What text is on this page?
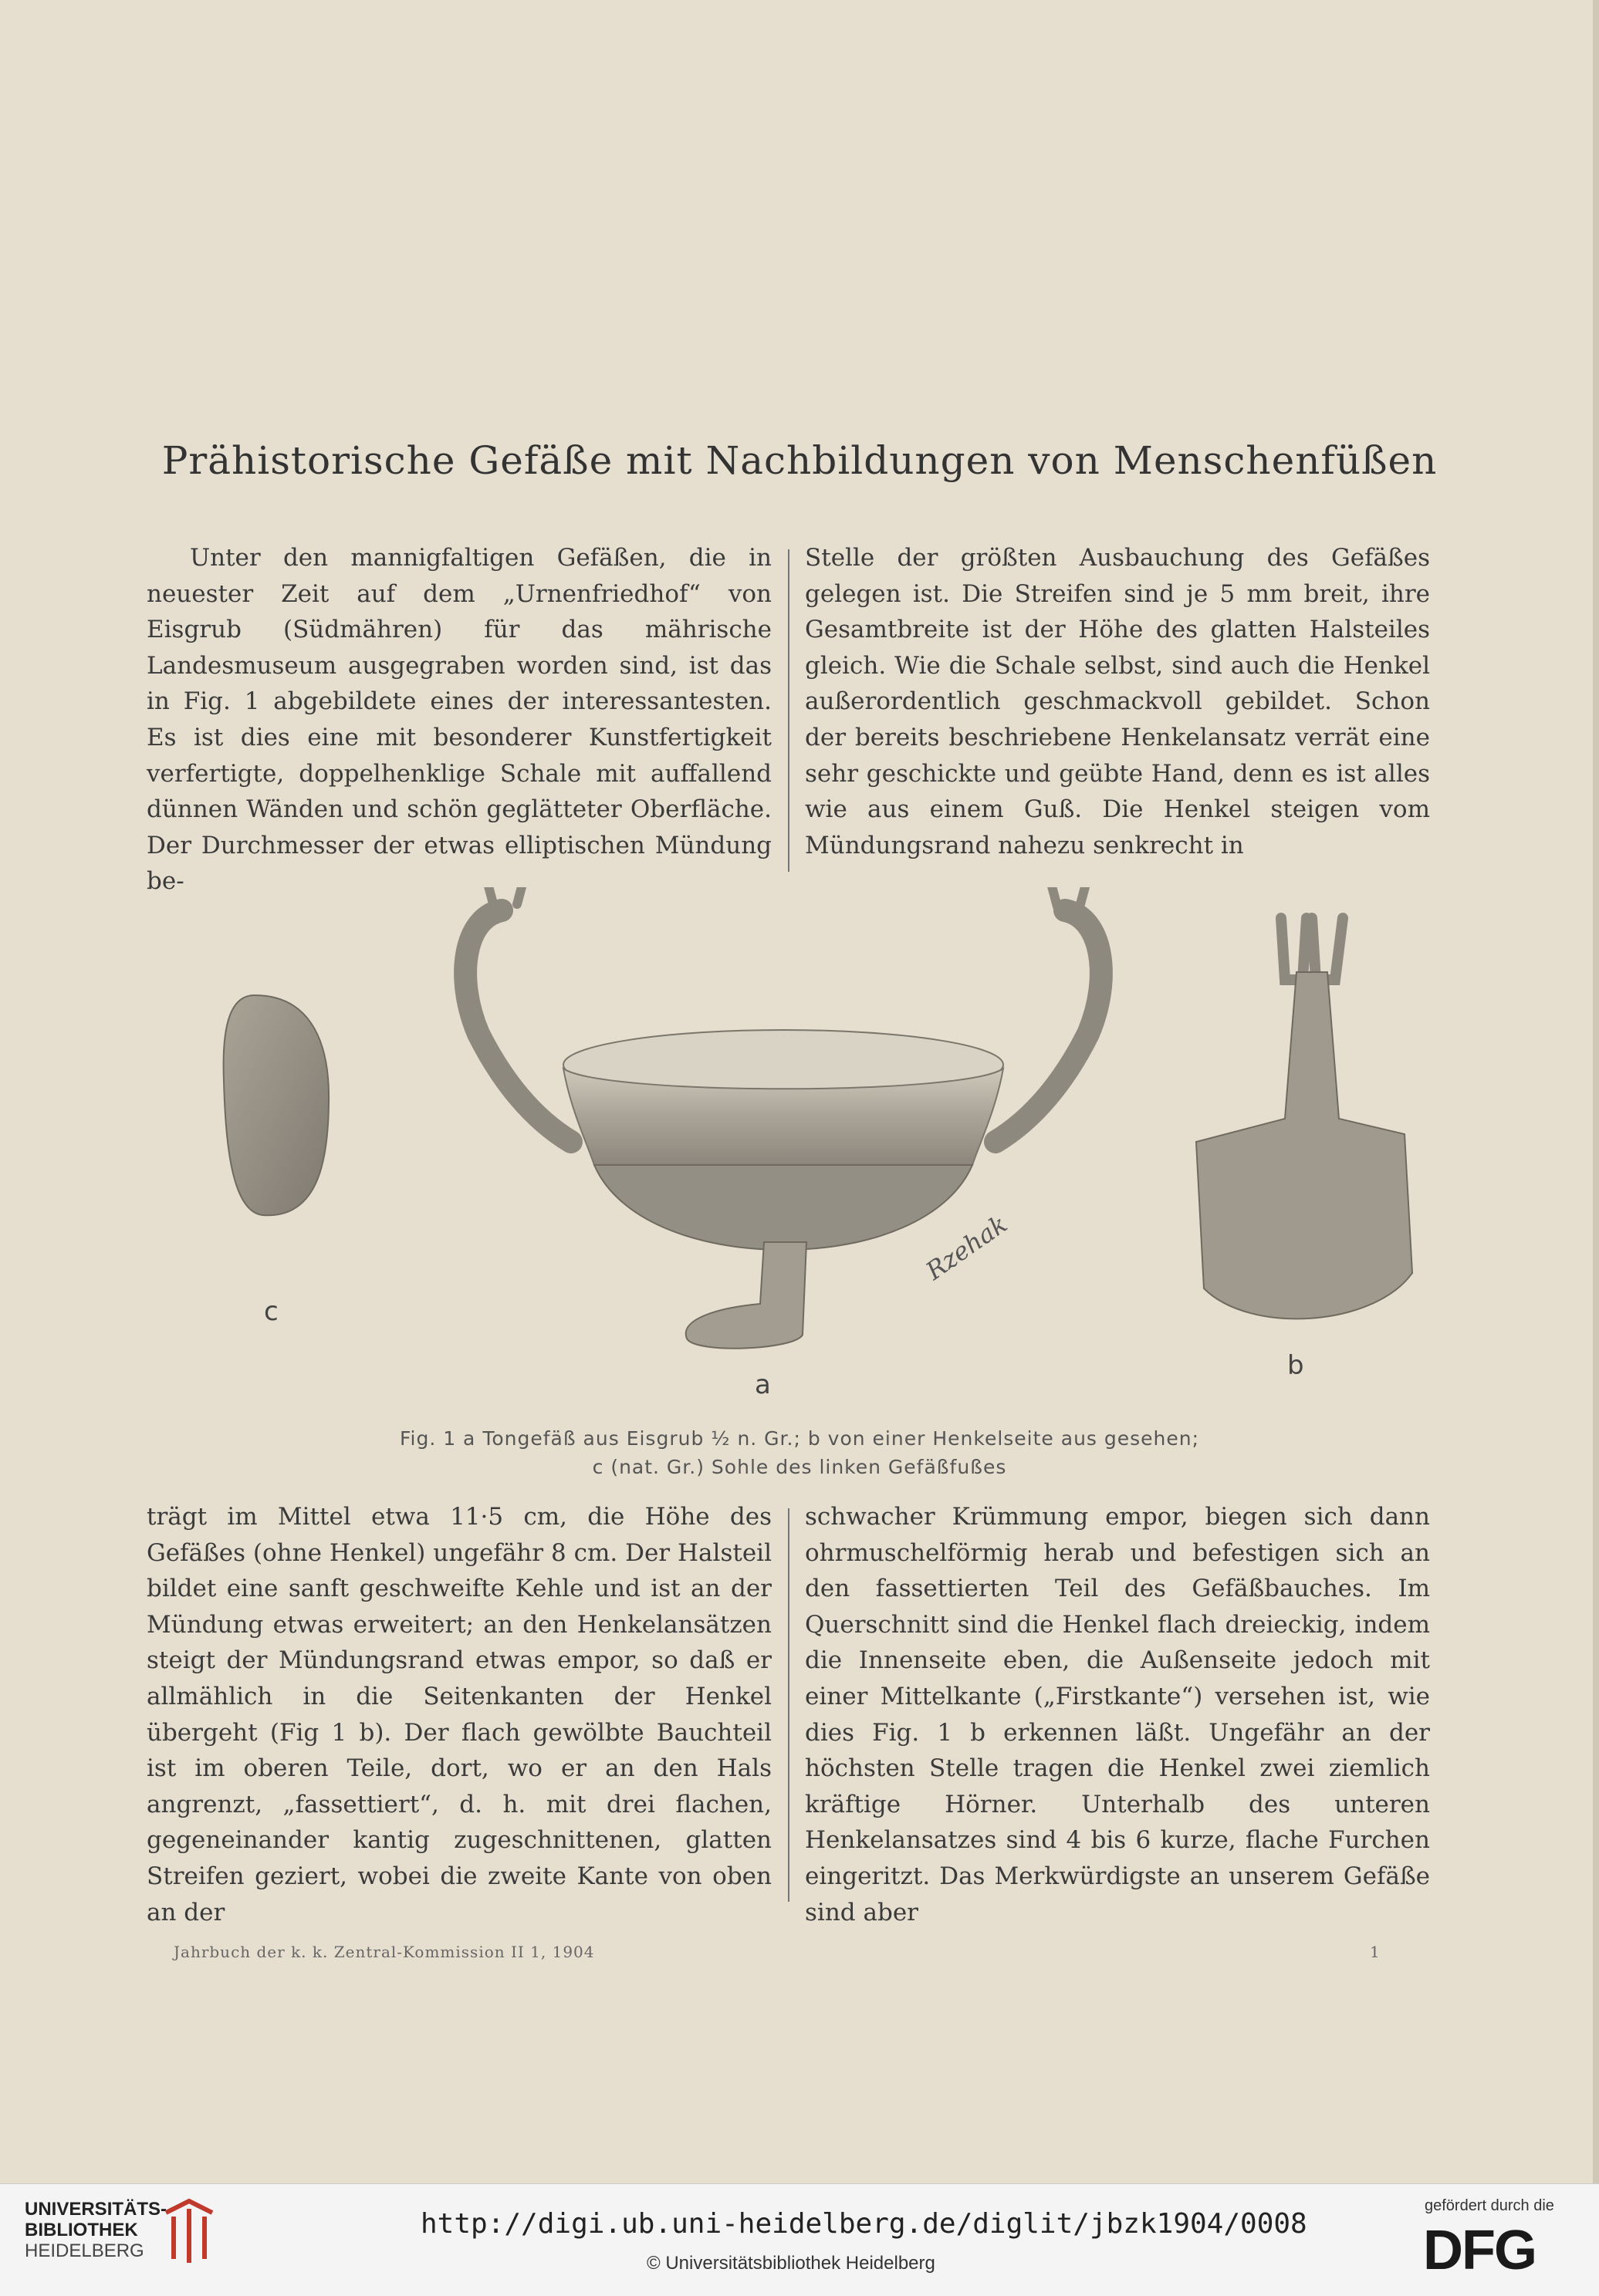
Prähistorische Gefäße mit Nachbildungen von Menschenfüßen

Unter den mannigfaltigen Gefäßen, die in neuester Zeit auf dem „Urnenfriedhof“ von Eisgrub (Südmähren) für das mährische Landesmuseum ausgegraben worden sind, ist das in Fig. 1 abgebildete eines der interessantesten. Es ist dies eine mit besonderer Kunstfertigkeit verfertigte, doppelhenklige Schale mit auffallend dünnen Wänden und schön geglätteter Oberfläche. Der Durchmesser der etwas elliptischen Mündung be-

Stelle der größten Ausbauchung des Gefäßes gelegen ist. Die Streifen sind je 5 mm breit, ihre Gesamtbreite ist der Höhe des glatten Halsteiles gleich. Wie die Schale selbst, sind auch die Henkel außerordentlich geschmackvoll gebildet. Schon der bereits beschriebene Henkelansatz verrät eine sehr geschickte und geübte Hand, denn es ist alles wie aus einem Guß. Die Henkel steigen vom Mündungsrand nahezu senkrecht in

Rzehak
c
a
b
Fig. 1 a Tongefäß aus Eisgrub ½ n. Gr.; b von einer Henkelseite aus gesehen;
c (nat. Gr.) Sohle des linken Gefäßfußes

trägt im Mittel etwa 11·5 cm, die Höhe des Gefäßes (ohne Henkel) ungefähr 8 cm. Der Halsteil bildet eine sanft geschweifte Kehle und ist an der Mündung etwas erweitert; an den Henkelansätzen steigt der Mündungsrand etwas empor, so daß er allmählich in die Seitenkanten der Henkel übergeht (Fig 1 b). Der flach gewölbte Bauchteil ist im oberen Teile, dort, wo er an den Hals angrenzt, „fassettiert“, d. h. mit drei flachen, gegeneinander kantig zugeschnittenen, glatten Streifen geziert, wobei die zweite Kante von oben an der

schwacher Krümmung empor, biegen sich dann ohrmuschelförmig herab und befestigen sich an den fassettierten Teil des Gefäßbauches. Im Querschnitt sind die Henkel flach dreieckig, indem die Innenseite eben, die Außenseite jedoch mit einer Mittelkante („Firstkante“) versehen ist, wie dies Fig. 1 b erkennen läßt. Ungefähr an der höchsten Stelle tragen die Henkel zwei ziemlich kräftige Hörner. Unterhalb des unteren Henkelansatzes sind 4 bis 6 kurze, flache Furchen eingeritzt. Das Merkwürdigste an unserem Gefäße sind aber

Jahrbuch der k. k. Zentral-Kommission II 1, 1904	1
UNIVERSITÄTS-
BIBLIOTHEK
HEIDELBERG
http://digi.ub.uni-heidelberg.de/diglit/jbzk1904/0008
© Universitätsbibliothek Heidelberg
gefördert durch die
DFG
